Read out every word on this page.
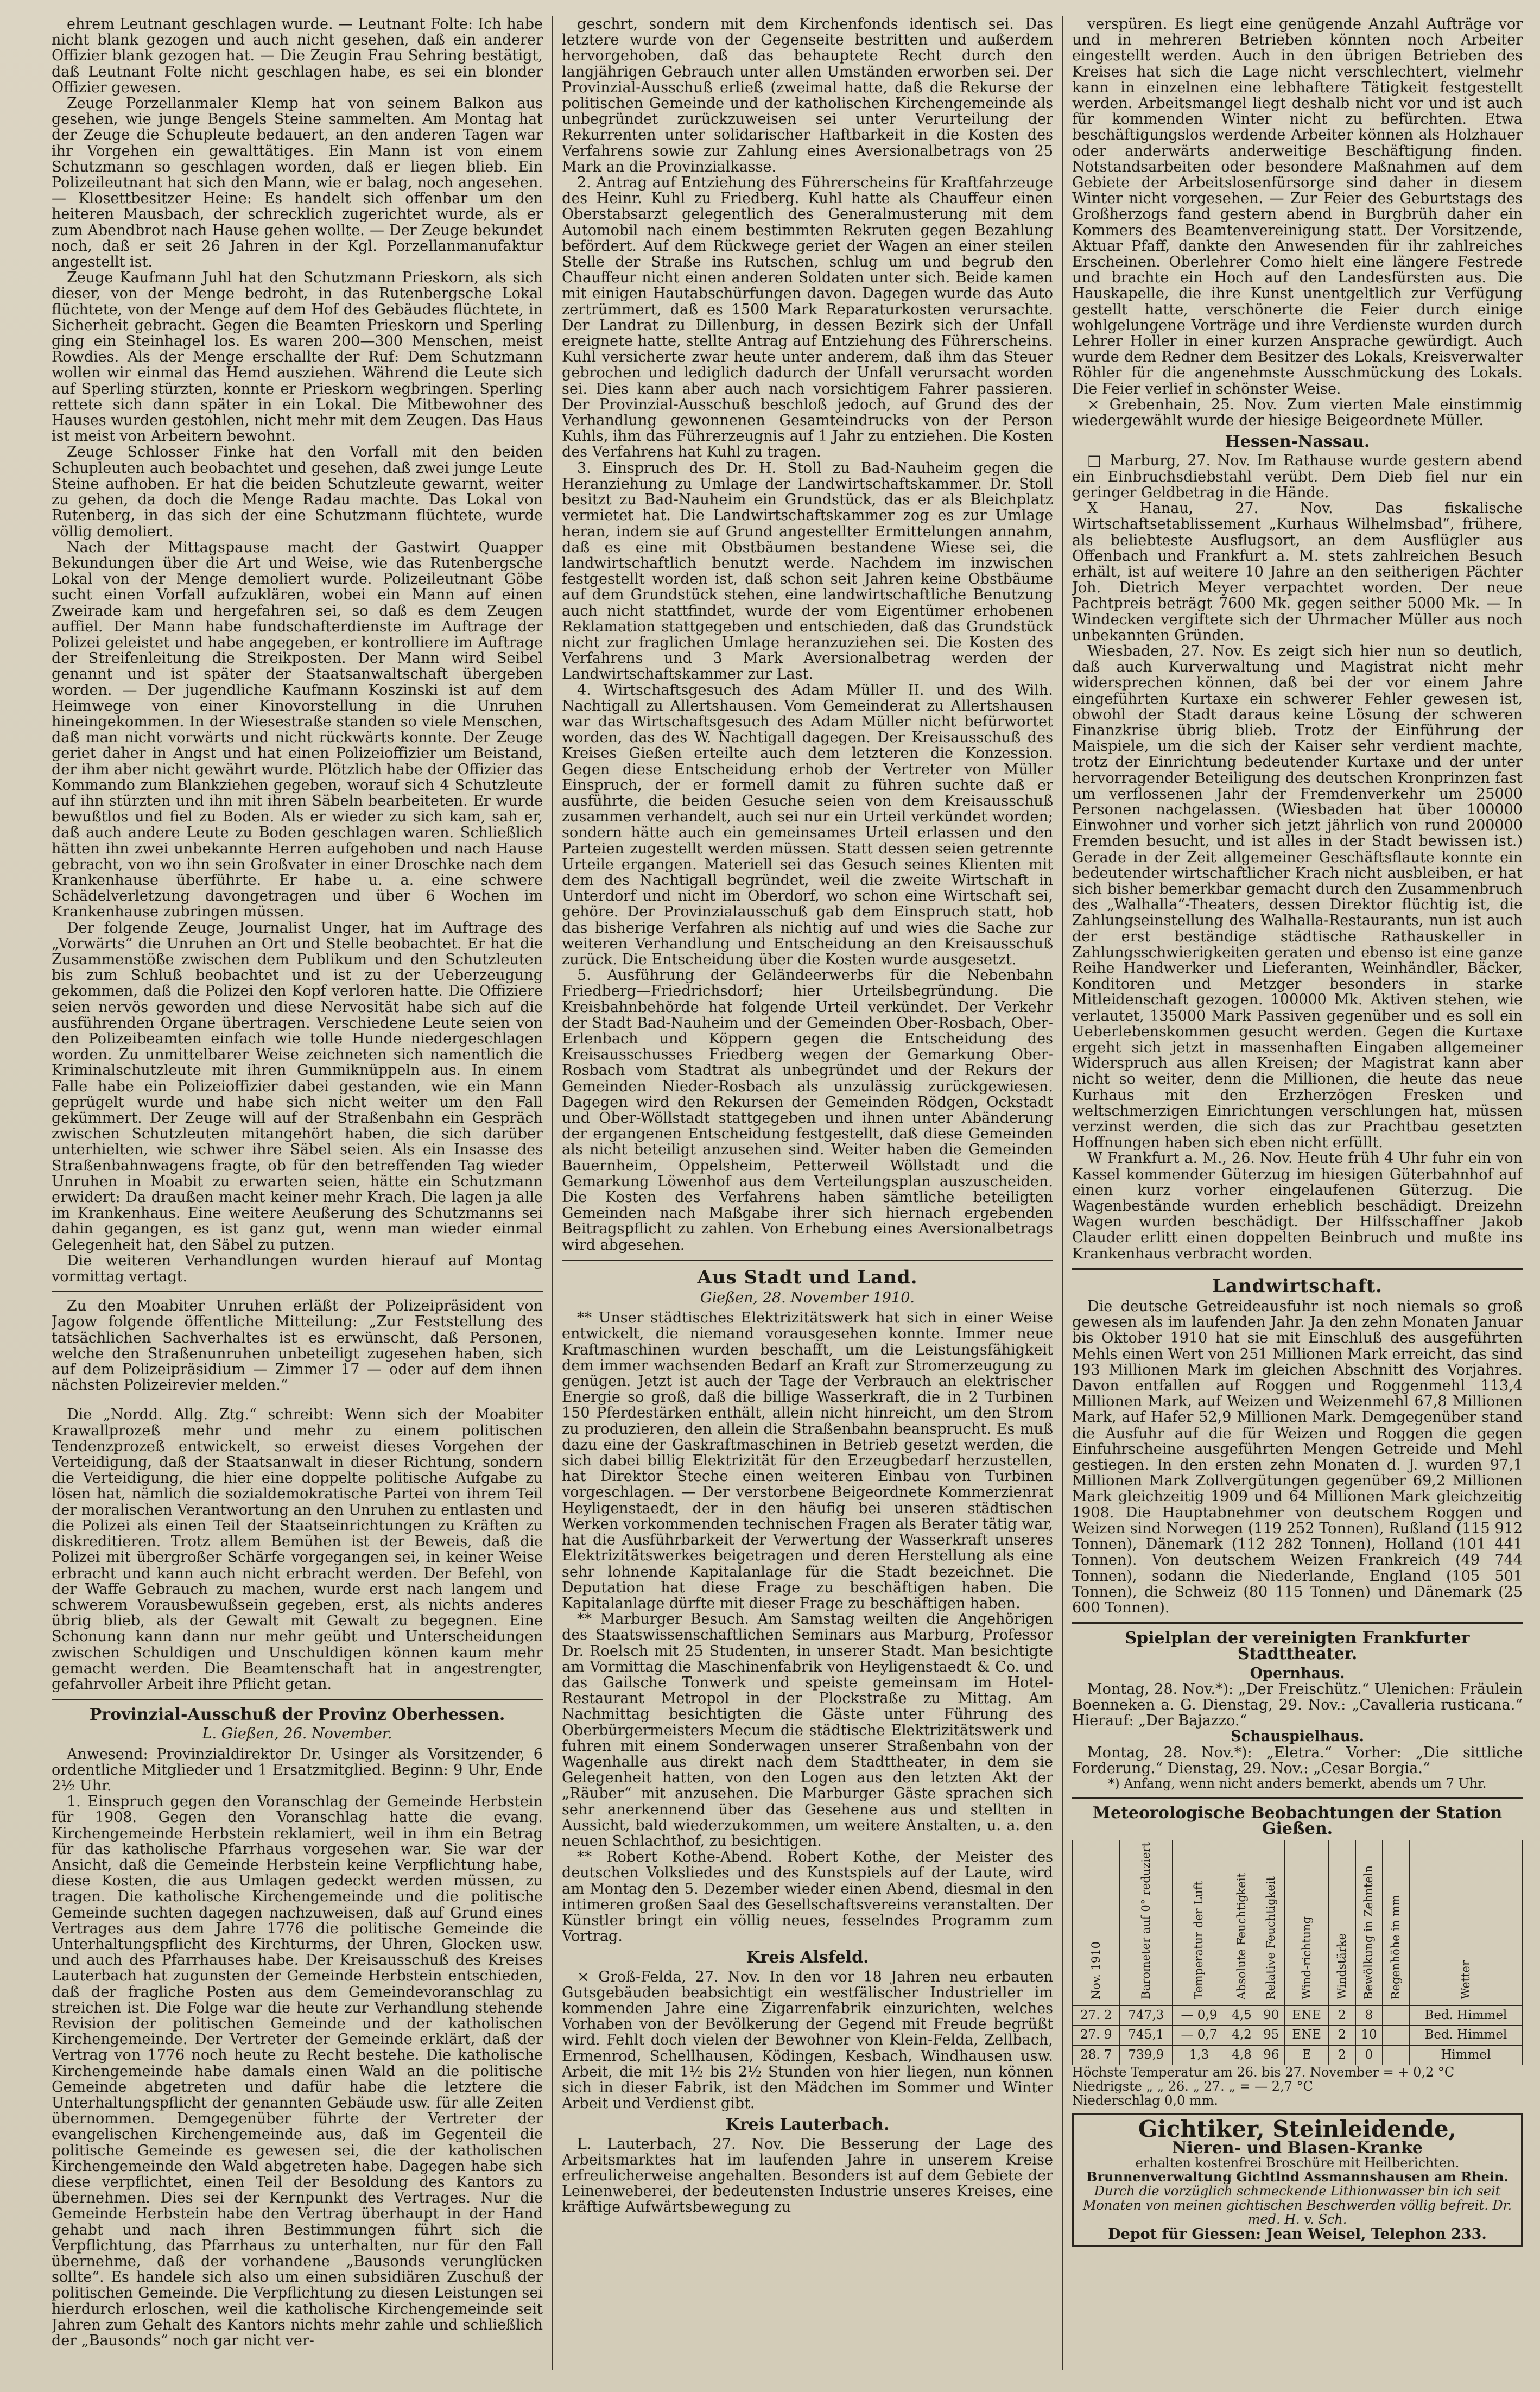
ehrem Leutnant geschlagen wurde. — Leutnant Folte: Ich habe nicht blank gezogen und auch nicht gesehen, daß ein anderer Offizier blank gezogen hat. — Die Zeugin Frau Sehring bestätigt, daß Leutnant Folte nicht geschlagen habe, es sei ein blonder Offizier gewesen.

Zeuge Porzellanmaler Klemp hat von seinem Balkon aus gesehen, wie junge Bengels Steine sammelten. Am Montag hat der Zeuge die Schupleute bedauert, an den anderen Tagen war ihr Vorgehen ein gewalttätiges. Ein Mann ist von einem Schutzmann so geschlagen worden, daß er liegen blieb. Ein Polizeileutnant hat sich den Mann, wie er balag, noch angesehen. — Klosettbesitzer Heine: Es handelt sich offenbar um den heiteren Mausbach, der schrecklich zugerichtet wurde, als er zum Abendbrot nach Hause gehen wollte. — Der Zeuge bekundet noch, daß er seit 26 Jahren in der Kgl. Porzellanmanufaktur angestellt ist.

Zeuge Kaufmann Juhl hat den Schutzmann Prieskorn, als sich dieser, von der Menge bedroht, in das Rutenbergsche Lokal flüchtete, von der Menge auf dem Hof des Gebäudes flüchtete, in Sicherheit gebracht. Gegen die Beamten Prieskorn und Sperling ging ein Steinhagel los. Es waren 200—300 Menschen, meist Rowdies. Als der Menge erschallte der Ruf: Dem Schutzmann wollen wir einmal das Hemd ausziehen. Während die Leute sich auf Sperling stürzten, konnte er Prieskorn wegbringen. Sperling rettete sich dann später in ein Lokal. Die Mitbewohner des Hauses wurden gestohlen, nicht mehr mit dem Zeugen. Das Haus ist meist von Arbeitern bewohnt.

Zeuge Schlosser Finke hat den Vorfall mit den beiden Schupleuten auch beobachtet und gesehen, daß zwei junge Leute Steine aufhoben. Er hat die beiden Schutzleute gewarnt, weiter zu gehen, da doch die Menge Radau machte. Das Lokal von Rutenberg, in das sich der eine Schutzmann flüchtete, wurde völlig demoliert.

Nach der Mittagspause macht der Gastwirt Quapper Bekundungen über die Art und Weise, wie das Rutenbergsche Lokal von der Menge demoliert wurde. Polizeileutnant Göbe sucht einen Vorfall aufzuklären, wobei ein Mann auf einen Zweirade kam und hergefahren sei, so daß es dem Zeugen auffiel. Der Mann habe fundschafterdienste im Auftrage der Polizei geleistet und habe angegeben, er kontrolliere im Auftrage der Streifenleitung die Streikposten. Der Mann wird Seibel genannt und ist später der Staatsanwaltschaft übergeben worden. — Der jugendliche Kaufmann Koszinski ist auf dem Heimwege von einer Kinovorstellung in die Unruhen hineingekommen. In der Wiesestraße standen so viele Menschen, daß man nicht vorwärts und nicht rückwärts konnte. Der Zeuge geriet daher in Angst und hat einen Polizeioffizier um Beistand, der ihm aber nicht gewährt wurde. Plötzlich habe der Offizier das Kommando zum Blankziehen gegeben, worauf sich 4 Schutzleute auf ihn stürzten und ihn mit ihren Säbeln bearbeiteten. Er wurde bewußtlos und fiel zu Boden. Als er wieder zu sich kam, sah er, daß auch andere Leute zu Boden geschlagen waren. Schließlich hätten ihn zwei unbekannte Herren aufgehoben und nach Hause gebracht, von wo ihn sein Großvater in einer Droschke nach dem Krankenhause überführte. Er habe u. a. eine schwere Schädelverletzung davongetragen und über 6 Wochen im Krankenhause zubringen müssen.

Der folgende Zeuge, Journalist Unger, hat im Auftrage des „Vorwärts“ die Unruhen an Ort und Stelle beobachtet. Er hat die Zusammenstöße zwischen dem Publikum und den Schutzleuten bis zum Schluß beobachtet und ist zu der Ueberzeugung gekommen, daß die Polizei den Kopf verloren hatte. Die Offiziere seien nervös geworden und diese Nervosität habe sich auf die ausführenden Organe übertragen. Verschiedene Leute seien von den Polizeibeamten einfach wie tolle Hunde niedergeschlagen worden. Zu unmittelbarer Weise zeichneten sich namentlich die Kriminalschutzleute mit ihren Gummiknüppeln aus. In einem Falle habe ein Polizeioffizier dabei gestanden, wie ein Mann geprügelt wurde und habe sich nicht weiter um den Fall gekümmert. Der Zeuge will auf der Straßenbahn ein Gespräch zwischen Schutzleuten mitangehört haben, die sich darüber unterhielten, wie schwer ihre Säbel seien. Als ein Insasse des Straßenbahnwagens fragte, ob für den betreffenden Tag wieder Unruhen in Moabit zu erwarten seien, hätte ein Schutzmann erwidert: Da draußen macht keiner mehr Krach. Die lagen ja alle im Krankenhaus. Eine weitere Aeußerung des Schutzmanns sei dahin gegangen, es ist ganz gut, wenn man wieder einmal Gelegenheit hat, den Säbel zu putzen.

Die weiteren Verhandlungen wurden hierauf auf Montag vormittag vertagt.

Zu den Moabiter Unruhen erläßt der Polizeipräsident von Jagow folgende öffentliche Mitteilung: „Zur Feststellung des tatsächlichen Sachverhaltes ist es erwünscht, daß Personen, welche den Straßenunruhen unbeteiligt zugesehen haben, sich auf dem Polizeipräsidium — Zimmer 17 — oder auf dem ihnen nächsten Polizeirevier melden.“

Die „Nordd. Allg. Ztg.“ schreibt: Wenn sich der Moabiter Krawallprozeß mehr und mehr zu einem politischen Tendenzprozeß entwickelt, so erweist dieses Vorgehen der Verteidigung, daß der Staatsanwalt in dieser Richtung, sondern die Verteidigung, die hier eine doppelte politische Aufgabe zu lösen hat, nämlich die sozialdemokratische Partei von ihrem Teil der moralischen Verantwortung an den Unruhen zu entlasten und die Polizei als einen Teil der Staatseinrichtungen zu Kräften zu diskreditieren. Trotz allem Bemühen ist der Beweis, daß die Polizei mit übergroßer Schärfe vorgegangen sei, in keiner Weise erbracht und kann auch nicht erbracht werden. Der Befehl, von der Waffe Gebrauch zu machen, wurde erst nach langem und schwerem Vorausbewußsein gegeben, erst, als nichts anderes übrig blieb, als der Gewalt mit Gewalt zu begegnen. Eine Schonung kann dann nur mehr geübt und Unterscheidungen zwischen Schuldigen und Unschuldigen können kaum mehr gemacht werden. Die Beamtenschaft hat in angestrengter, gefahrvoller Arbeit ihre Pflicht getan.

Provinzial-Ausschuß der Provinz Oberhessen.
L. Gießen, 26. November.

Anwesend: Provinzialdirektor Dr. Usinger als Vorsitzender, 6 ordentliche Mitglieder und 1 Ersatzmitglied. Beginn: 9 Uhr, Ende 2½ Uhr.

1. Einspruch gegen den Voranschlag der Gemeinde Herbstein für 1908. Gegen den Voranschlag hatte die evang. Kirchengemeinde Herbstein reklamiert, weil in ihm ein Betrag für das katholische Pfarrhaus vorgesehen war. Sie war der Ansicht, daß die Gemeinde Herbstein keine Verpflichtung habe, diese Kosten, die aus Umlagen gedeckt werden müssen, zu tragen. Die katholische Kirchengemeinde und die politische Gemeinde suchten dagegen nachzuweisen, daß auf Grund eines Vertrages aus dem Jahre 1776 die politische Gemeinde die Unterhaltungspflicht des Kirchturms, der Uhren, Glocken usw. und auch des Pfarrhauses habe. Der Kreisausschuß des Kreises Lauterbach hat zugunsten der Gemeinde Herbstein entschieden, daß der fragliche Posten aus dem Gemeindevoranschlag zu streichen ist. Die Folge war die heute zur Verhandlung stehende Revision der politischen Gemeinde und der katholischen Kirchengemeinde. Der Vertreter der Gemeinde erklärt, daß der Vertrag von 1776 noch heute zu Recht bestehe. Die katholische Kirchengemeinde habe damals einen Wald an die politische Gemeinde abgetreten und dafür habe die letztere die Unterhaltungspflicht der genannten Gebäude usw. für alle Zeiten übernommen. Demgegenüber führte der Vertreter der evangelischen Kirchengemeinde aus, daß im Gegenteil die politische Gemeinde es gewesen sei, die der katholischen Kirchengemeinde den Wald abgetreten habe. Dagegen habe sich diese verpflichtet, einen Teil der Besoldung des Kantors zu übernehmen. Dies sei der Kernpunkt des Vertrages. Nur die Gemeinde Herbstein habe den Vertrag überhaupt in der Hand gehabt und nach ihren Bestimmungen führt sich die Verpflichtung, das Pfarrhaus zu unterhalten, nur für den Fall übernehme, daß der vorhandene „Bausonds verunglücken sollte“. Es handele sich also um einen subsidiären Zuschuß der politischen Gemeinde. Die Verpflichtung zu diesen Leistungen sei hierdurch erloschen, weil die katholische Kirchengemeinde seit Jahren zum Gehalt des Kantors nichts mehr zahle und schließlich der „Bausonds“ noch gar nicht ver-

geschrt, sondern mit dem Kirchenfonds identisch sei. Das letztere wurde von der Gegenseite bestritten und außerdem hervorgehoben, daß das behauptete Recht durch den langjährigen Gebrauch unter allen Umständen erworben sei. Der Provinzial-Ausschuß erließ (zweimal hatte, daß die Rekurse der politischen Gemeinde und der katholischen Kirchengemeinde als unbegründet zurückzuweisen sei unter Verurteilung der Rekurrenten unter solidarischer Haftbarkeit in die Kosten des Verfahrens sowie zur Zahlung eines Aversionalbetrags von 25 Mark an die Provinzialkasse.

2. Antrag auf Entziehung des Führerscheins für Kraftfahrzeuge des Heinr. Kuhl zu Friedberg. Kuhl hatte als Chauffeur einen Oberstabsarzt gelegentlich des Generalmusterung mit dem Automobil nach einem bestimmten Rekruten gegen Bezahlung befördert. Auf dem Rückwege geriet der Wagen an einer steilen Stelle der Straße ins Rutschen, schlug um und begrub den Chauffeur nicht einen anderen Soldaten unter sich. Beide kamen mit einigen Hautabschürfungen davon. Dagegen wurde das Auto zertrümmert, daß es 1500 Mark Reparaturkosten verursachte. Der Landrat zu Dillenburg, in dessen Bezirk sich der Unfall ereignete hatte, stellte Antrag auf Entziehung des Führerscheins. Kuhl versicherte zwar heute unter anderem, daß ihm das Steuer gebrochen und lediglich dadurch der Unfall verursacht worden sei. Dies kann aber auch nach vorsichtigem Fahrer passieren. Der Provinzial-Ausschuß beschloß jedoch, auf Grund des der Verhandlung gewonnenen Gesamteindrucks von der Person Kuhls, ihm das Führerzeugnis auf 1 Jahr zu entziehen. Die Kosten des Verfahrens hat Kuhl zu tragen.

3. Einspruch des Dr. H. Stoll zu Bad-Nauheim gegen die Heranziehung zu Umlage der Landwirtschaftskammer. Dr. Stoll besitzt zu Bad-Nauheim ein Grundstück, das er als Bleichplatz vermietet hat. Die Landwirtschaftskammer zog es zur Umlage heran, indem sie auf Grund angestellter Ermittelungen annahm, daß es eine mit Obstbäumen bestandene Wiese sei, die landwirtschaftlich benutzt werde. Nachdem im inzwischen festgestellt worden ist, daß schon seit Jahren keine Obstbäume auf dem Grundstück stehen, eine landwirtschaftliche Benutzung auch nicht stattfindet, wurde der vom Eigentümer erhobenen Reklamation stattgegeben und entschieden, daß das Grundstück nicht zur fraglichen Umlage heranzuziehen sei. Die Kosten des Verfahrens und 3 Mark Aversionalbetrag werden der Landwirtschaftskammer zur Last.

4. Wirtschaftsgesuch des Adam Müller II. und des Wilh. Nachtigall zu Allertshausen. Vom Gemeinderat zu Allertshausen war das Wirtschaftsgesuch des Adam Müller nicht befürwortet worden, das des W. Nachtigall dagegen. Der Kreisausschuß des Kreises Gießen erteilte auch dem letzteren die Konzession. Gegen diese Entscheidung erhob der Vertreter von Müller Einspruch, der er formell damit zu führen suchte daß er ausführte, die beiden Gesuche seien von dem Kreisausschuß zusammen verhandelt, auch sei nur ein Urteil verkündet worden; sondern hätte auch ein gemeinsames Urteil erlassen und den Parteien zugestellt werden müssen. Statt dessen seien getrennte Urteile ergangen. Materiell sei das Gesuch seines Klienten mit dem des Nachtigall begründet, weil die zweite Wirtschaft in Unterdorf und nicht im Oberdorf, wo schon eine Wirtschaft sei, gehöre. Der Provinzialausschuß gab dem Einspruch statt, hob das bisherige Verfahren als nichtig auf und wies die Sache zur weiteren Verhandlung und Entscheidung an den Kreisausschuß zurück. Die Entscheidung über die Kosten wurde ausgesetzt.

5. Ausführung der Geländeerwerbs für die Nebenbahn Friedberg—Friedrichsdorf; hier Urteilsbegründung. Die Kreisbahnbehörde hat folgende Urteil verkündet. Der Verkehr der Stadt Bad-Nauheim und der Gemeinden Ober-Rosbach, Ober-Erlenbach und Köppern gegen die Entscheidung des Kreisausschusses Friedberg wegen der Gemarkung Ober-Rosbach vom Stadtrat als unbegründet und der Rekurs der Gemeinden Nieder-Rosbach als unzulässig zurückgewiesen. Dagegen wird den Rekursen der Gemeinden Rödgen, Ockstadt und Ober-Wöllstadt stattgegeben und ihnen unter Abänderung der ergangenen Entscheidung festgestellt, daß diese Gemeinden als nicht beteiligt anzusehen sind. Weiter haben die Gemeinden Bauernheim, Oppelsheim, Petterweil Wöllstadt und die Gemarkung Löwenhof aus dem Verteilungsplan auszuscheiden. Die Kosten des Verfahrens haben sämtliche beteiligten Gemeinden nach Maßgabe ihrer sich hiernach ergebenden Beitragspflicht zu zahlen. Von Erhebung eines Aversionalbetrags wird abgesehen.

Aus Stadt und Land.
Gießen, 28. November 1910.

** Unser städtisches Elektrizitätswerk hat sich in einer Weise entwickelt, die niemand vorausgesehen konnte. Immer neue Kraftmaschinen wurden beschafft, um die Leistungsfähigkeit dem immer wachsenden Bedarf an Kraft zur Stromerzeugung zu genügen. Jetzt ist auch der Tage der Verbrauch an elektrischer Energie so groß, daß die billige Wasserkraft, die in 2 Turbinen 150 Pferdestärken enthält, allein nicht hinreicht, um den Strom zu produzieren, den allein die Straßenbahn beansprucht. Es muß dazu eine der Gaskraftmaschinen in Betrieb gesetzt werden, die sich dabei billig Elektrizität für den Erzeugbedarf herzustellen, hat Direktor Steche einen weiteren Einbau von Turbinen vorgeschlagen. — Der verstorbene Beigeordnete Kommerzienrat Heyligenstaedt, der in den häufig bei unseren städtischen Werken vorkommenden technischen Fragen als Berater tätig war, hat die Ausführbarkeit der Verwertung der Wasserkraft unseres Elektrizitätswerkes beigetragen und deren Herstellung als eine sehr lohnende Kapitalanlage für die Stadt bezeichnet. Die Deputation hat diese Frage zu beschäftigen haben. Die Kapitalanlage dürfte mit dieser Frage zu beschäftigen haben.

** Marburger Besuch. Am Samstag weilten die Angehörigen des Staatswissenschaftlichen Seminars aus Marburg, Professor Dr. Roelsch mit 25 Studenten, in unserer Stadt. Man besichtigte am Vormittag die Maschinenfabrik von Heyligenstaedt & Co. und das Gailsche Tonwerk und speiste gemeinsam im Hotel-Restaurant Metropol in der Plockstraße zu Mittag. Am Nachmittag besichtigten die Gäste unter Führung des Oberbürgermeisters Mecum die städtische Elektrizitätswerk und fuhren mit einem Sonderwagen unserer Straßenbahn von der Wagenhalle aus direkt nach dem Stadttheater, in dem sie Gelegenheit hatten, von den Logen aus den letzten Akt der „Räuber“ mit anzusehen. Die Marburger Gäste sprachen sich sehr anerkennend über das Gesehene aus und stellten in Aussicht, bald wiederzukommen, um weitere Anstalten, u. a. den neuen Schlachthof, zu besichtigen.

** Robert Kothe-Abend. Robert Kothe, der Meister des deutschen Volksliedes und des Kunstspiels auf der Laute, wird am Montag den 5. Dezember wieder einen Abend, diesmal in den intimeren großen Saal des Gesellschaftsvereins veranstalten. Der Künstler bringt ein völlig neues, fesselndes Programm zum Vortrag.

Kreis Alsfeld.

× Groß-Felda, 27. Nov. In den vor 18 Jahren neu erbauten Gutsgebäuden beabsichtigt ein westfälischer Industrieller im kommenden Jahre eine Zigarrenfabrik einzurichten, welches Vorhaben von der Bevölkerung der Gegend mit Freude begrüßt wird. Fehlt doch vielen der Bewohner von Klein-Felda, Zellbach, Ermenrod, Schellhausen, Ködingen, Kesbach, Windhausen usw. Arbeit, die mit 1½ bis 2½ Stunden von hier liegen, nun können sich in dieser Fabrik, ist den Mädchen im Sommer und Winter Arbeit und Verdienst gibt.

Kreis Lauterbach.

L. Lauterbach, 27. Nov. Die Besserung der Lage des Arbeitsmarktes hat im laufenden Jahre in unserem Kreise erfreulicherweise angehalten. Besonders ist auf dem Gebiete der Leinenweberei, der bedeutensten Industrie unseres Kreises, eine kräftige Aufwärtsbewegung zu

verspüren. Es liegt eine genügende Anzahl Aufträge vor und in mehreren Betrieben könnten noch Arbeiter eingestellt werden. Auch in den übrigen Betrieben des Kreises hat sich die Lage nicht verschlechtert, vielmehr kann in einzelnen eine lebhaftere Tätigkeit festgestellt werden. Arbeitsmangel liegt deshalb nicht vor und ist auch für kommenden Winter nicht zu befürchten. Etwa beschäftigungslos werdende Arbeiter können als Holzhauer oder anderwärts anderweitige Beschäftigung finden. Notstandsarbeiten oder besondere Maßnahmen auf dem Gebiete der Arbeitslosenfürsorge sind daher in diesem Winter nicht vorgesehen. — Zur Feier des Geburtstags des Großherzogs fand gestern abend in Burgbrüh daher ein Kommers des Beamtenvereinigung statt. Der Vorsitzende, Aktuar Pfaff, dankte den Anwesenden für ihr zahlreiches Erscheinen. Oberlehrer Como hielt eine längere Festrede und brachte ein Hoch auf den Landesfürsten aus. Die Hauskapelle, die ihre Kunst unentgeltlich zur Verfügung gestellt hatte, verschönerte die Feier durch einige wohlgelungene Vorträge und ihre Verdienste wurden durch Lehrer Holler in einer kurzen Ansprache gewürdigt. Auch wurde dem Redner dem Besitzer des Lokals, Kreisverwalter Röhler für die angenehmste Ausschmückung des Lokals. Die Feier verlief in schönster Weise.

× Grebenhain, 25. Nov. Zum vierten Male einstimmig wiedergewählt wurde der hiesige Beigeordnete Müller.

Hessen-Nassau.

□ Marburg, 27. Nov. Im Rathause wurde gestern abend ein Einbruchsdiebstahl verübt. Dem Dieb fiel nur ein geringer Geldbetrag in die Hände.

X Hanau, 27. Nov. Das fiskalische Wirtschaftsetablissement „Kurhaus Wilhelmsbad“, frühere, als beliebteste Ausflugsort, an dem Ausflügler aus Offenbach und Frankfurt a. M. stets zahlreichen Besuch erhält, ist auf weitere 10 Jahre an den seitherigen Pächter Joh. Dietrich Meyer verpachtet worden. Der neue Pachtpreis beträgt 7600 Mk. gegen seither 5000 Mk. — In Windecken vergiftete sich der Uhrmacher Müller aus noch unbekannten Gründen.

Wiesbaden, 27. Nov. Es zeigt sich hier nun so deutlich, daß auch Kurverwaltung und Magistrat nicht mehr widersprechen können, daß bei der vor einem Jahre eingeführten Kurtaxe ein schwerer Fehler gewesen ist, obwohl der Stadt daraus keine Lösung der schweren Finanzkrise übrig blieb. Trotz der Einführung der Maispiele, um die sich der Kaiser sehr verdient machte, trotz der Einrichtung bedeutender Kurtaxe und der unter hervorragender Beteiligung des deutschen Kronprinzen fast um verflossenen Jahr der Fremdenverkehr um 25000 Personen nachgelassen. (Wiesbaden hat über 100000 Einwohner und vorher sich jetzt jährlich von rund 200000 Fremden besucht, und ist alles in der Stadt bewissen ist.) Gerade in der Zeit allgemeiner Geschäftsflaute konnte ein bedeutender wirtschaftlicher Krach nicht ausbleiben, er hat sich bisher bemerkbar gemacht durch den Zusammenbruch des „Walhalla“-Theaters, dessen Direktor flüchtig ist, die Zahlungseinstellung des Walhalla-Restaurants, nun ist auch der erst beständige städtische Rathauskeller in Zahlungsschwierigkeiten geraten und ebenso ist eine ganze Reihe Handwerker und Lieferanten, Weinhändler, Bäcker, Konditoren und Metzger besonders in starke Mitleidenschaft gezogen. 100000 Mk. Aktiven stehen, wie verlautet, 135000 Mark Passiven gegenüber und es soll ein Ueberlebenskommen gesucht werden. Gegen die Kurtaxe ergeht sich jetzt in massenhaften Eingaben allgemeiner Widerspruch aus allen Kreisen; der Magistrat kann aber nicht so weiter, denn die Millionen, die heute das neue Kurhaus mit den Erzherzögen Fresken und weltschmerzigen Einrichtungen verschlungen hat, müssen verzinst werden, die sich das zur Prachtbau gesetzten Hoffnungen haben sich eben nicht erfüllt.

W Frankfurt a. M., 26. Nov. Heute früh 4 Uhr fuhr ein von Kassel kommender Güterzug im hiesigen Güterbahnhof auf einen kurz vorher eingelaufenen Güterzug. Die Wagenbestände wurden erheblich beschädigt. Dreizehn Wagen wurden beschädigt. Der Hilfsschaffner Jakob Clauder erlitt einen doppelten Beinbruch und mußte ins Krankenhaus verbracht worden.

Landwirtschaft.

Die deutsche Getreideausfuhr ist noch niemals so groß gewesen als im laufenden Jahr. Ja den zehn Monaten Januar bis Oktober 1910 hat sie mit Einschluß des ausgeführten Mehls einen Wert von 251 Millionen Mark erreicht, das sind 193 Millionen Mark im gleichen Abschnitt des Vorjahres. Davon entfallen auf Roggen und Roggenmehl 113,4 Millionen Mark, auf Weizen und Weizenmehl 67,8 Millionen Mark, auf Hafer 52,9 Millionen Mark. Demgegenüber stand die Ausfuhr auf die für Weizen und Roggen die gegen Einfuhrscheine ausgeführten Mengen Getreide und Mehl gestiegen. In den ersten zehn Monaten d. J. wurden 97,1 Millionen Mark Zollvergütungen gegenüber 69,2 Millionen Mark gleichzeitig 1909 und 64 Millionen Mark gleichzeitig 1908. Die Hauptabnehmer von deutschem Roggen und Weizen sind Norwegen (119 252 Tonnen), Rußland (115 912 Tonnen), Dänemark (112 282 Tonnen), Holland (101 441 Tonnen). Von deutschem Weizen Frankreich (49 744 Tonnen), sodann die Niederlande, England (105 501 Tonnen), die Schweiz (80 115 Tonnen) und Dänemark (25 600 Tonnen).

Spielplan der vereinigten Frankfurter Stadttheater.
Opernhaus.

Montag, 28. Nov.*): „Der Freischütz.“ Ulenichen: Fräulein Boenneken a. G. Dienstag, 29. Nov.: „Cavalleria rusticana.“ Hierauf: „Der Bajazzo.“

Schauspielhaus.

Montag, 28. Nov.*): „Eletra.“ Vorher: „Die sittliche Forderung.“ Dienstag, 29. Nov.: „Cesar Borgia.“

*) Anfang, wenn nicht anders bemerkt, abends um 7 Uhr.
Meteorologische Beobachtungen der Station Gießen.
Nov. 1910	Barometer auf 0° reduziert	Temperatur der Luft	Absolute Feuchtigkeit	Relative Feuchtigkeit	Wind-richtung	Windstärke	Bewölkung in Zehnteln	Regenhöhe in mm	Wetter
27. 2	747,3	— 0,9	4,5	90	ENE	2	8		Bed. Himmel
27. 9	745,1	— 0,7	4,2	95	ENE	2	10		Bed. Himmel
28. 7	739,9	1,3	4,8	96	E	2	0		Himmel
Höchste Temperatur am 26. bis 27. November = + 0,2 °C
Niedrigste „ „ 26. „ 27. „ = — 2,7 °C
Niederschlag 0,0 mm.
Gichtiker, Steinleidende,
Nieren- und Blasen-Kranke
erhalten kostenfrei Broschüre mit Heilberichten.
Brunnenverwaltung Gichtlnd Assmannshausen am Rhein.
Durch die vorzüglich schmeckende Lithionwasser bin ich seit Monaten von meinen gichtischen Beschwerden völlig befreit. Dr. med. H. v. Sch.
Depot für Giessen: Jean Weisel, Telephon 233.
